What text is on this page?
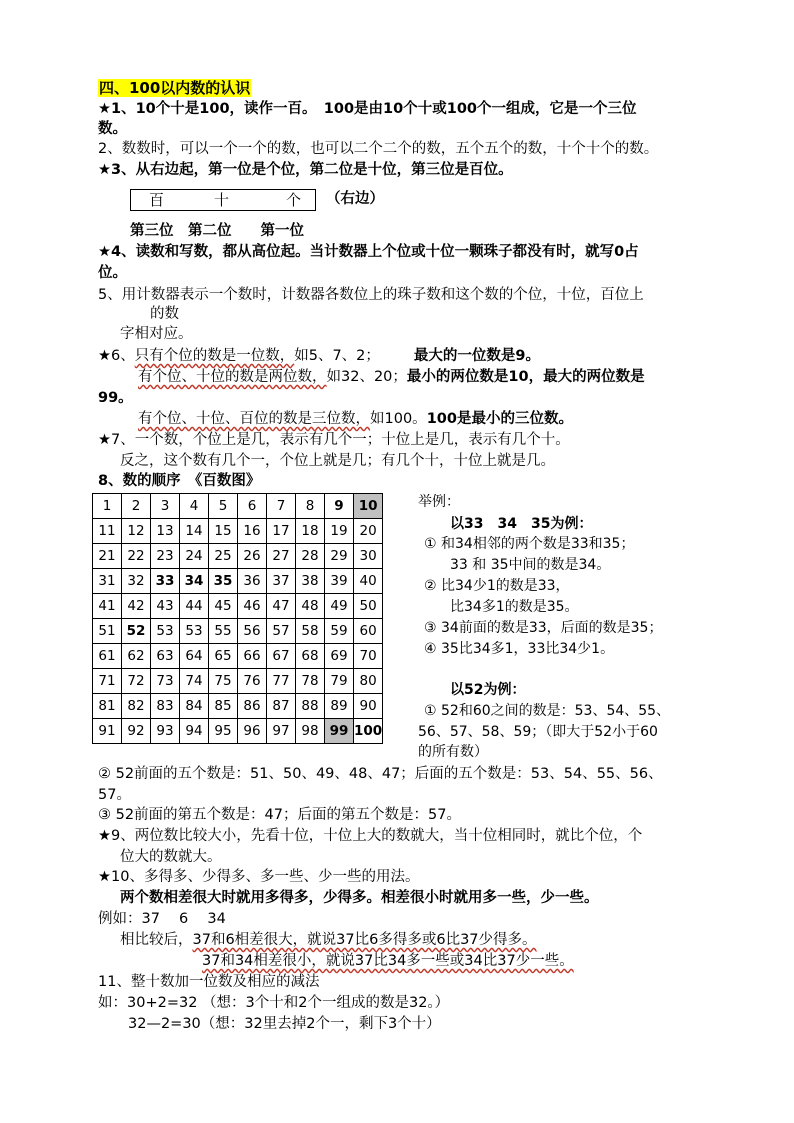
四、100以内数的认识
★1、10个十是100，读作一百。　100是由10个十或100个一组成，它是一个三位
数。
2、数数时，可以一个一个的数，也可以二个二个的数，五个五个的数，十个十个的数。
★3、从右边起，第一位是个位，第二位是十位，第三位是百位。
百	十	个 （右边）
第三位　第二位　　第一位
★4、读数和写数，都从高位起。当计数器上个位或十位一颗珠子都没有时，就写0占
位。
5、用计数器表示一个数时，计数器各数位上的珠子数和这个数的个位，十位，百位上
的数
字相对应。
★6、只有个位的数是一位数，如5、7、2； 最大的一位数是9。
有个位、十位的数是两位数，如32、20；最小的两位数是10，最大的两位数是
99。
有个位、十位、百位的数是三位数，如100。100是最小的三位数。
★7、一个数，个位上是几，表示有几个一；十位上是几，表示有几个十。
反之，这个数有几个一，个位上就是几；有几个十，十位上就是几。
8、数的顺序　《百数图》
1	2	3	4	5	6	7	8	9	10
11	12	13	14	15	16	17	18	19	20
21	22	23	24	25	26	27	28	29	30
31	32	33	34	35	36	37	38	39	40
41	42	43	44	45	46	47	48	49	50
51	52	53	53	55	56	57	58	59	60
61	62	63	64	65	66	67	68	69	70
71	72	73	74	75	76	77	78	79	80
81	82	83	84	85	86	87	88	89	90
91	92	93	94	95	96	97	98	99	100
举例：
以33　34　35为例：
① 和34相邻的两个数是33和35；
33 和 35中间的数是34。
② 比34少1的数是33，
比34多1的数是35。
③ 34前面的数是33，后面的数是35；
④ 35比34多1，33比34少1。
以52为例：
① 52和60之间的数是：53、54、55、
56、57、58、59；（即大于52小于60
的所有数）
② 52前面的五个数是：51、50、49、48、47；后面的五个数是：53、54、55、56、
57。
③ 52前面的第五个数是：47；后面的第五个数是：57。
★9、两位数比较大小，先看十位，十位上大的数就大，当十位相同时，就比个位，个
位大的数就大。
★10、多得多、少得多、多一些、少一些的用法。
两个数相差很大时就用多得多，少得多。相差很小时就用多一些，少一些。
例如：37　 6　 34
相比较后，37和6相差很大，就说37比6多得多或6比37少得多。
37和34相差很小，就说37比34多一些或34比37少一些。
11、整十数加一位数及相应的减法
如：30+2=32 （想：3个十和2个一组成的数是32。）
32—2=30（想：32里去掉2个一，剩下3个十）
